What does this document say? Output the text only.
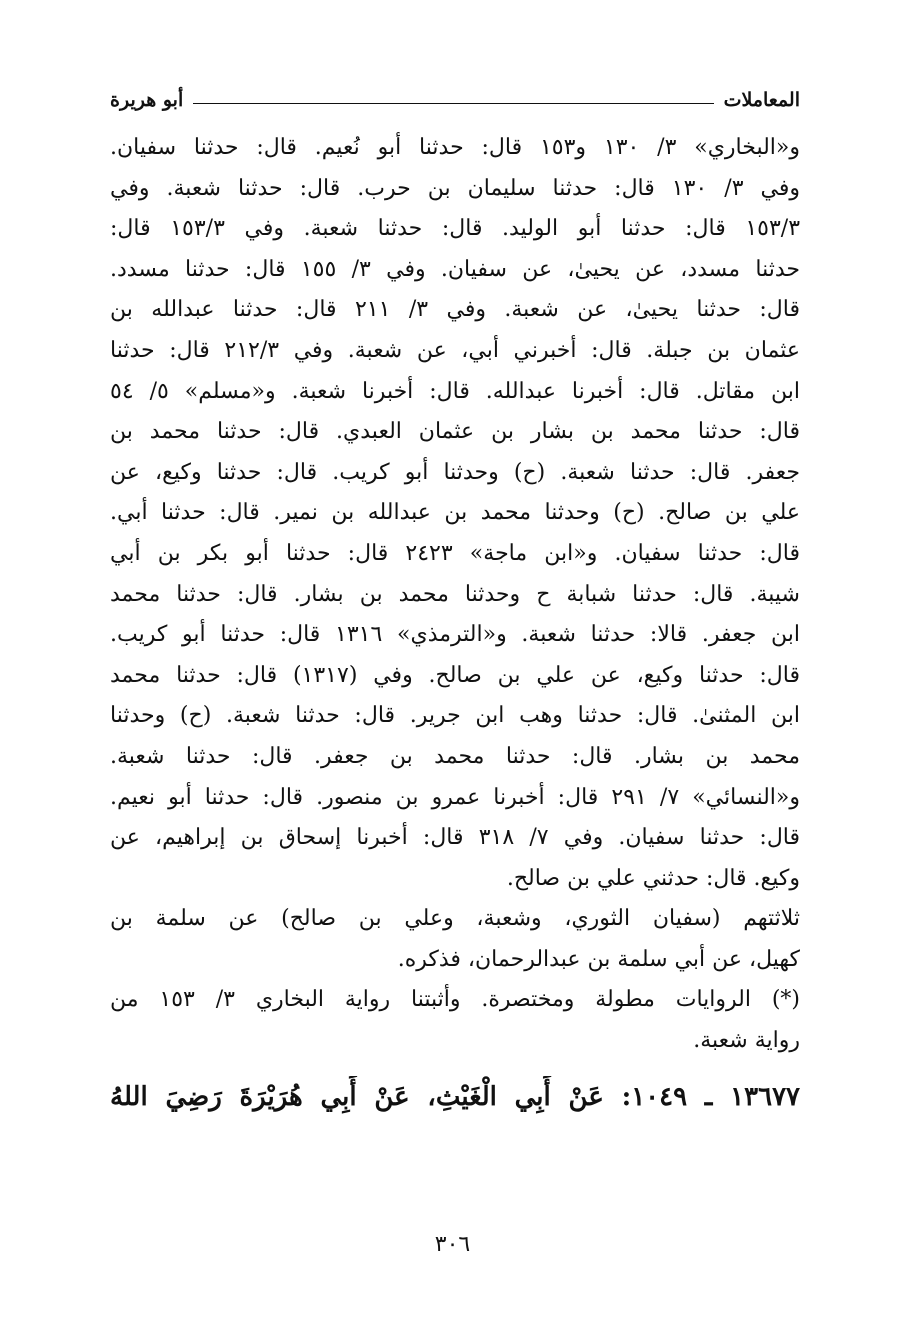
المعاملات
أبو هريرة
و«البخاري» ٣/ ١٣٠ و١٥٣ قال: حدثنا أبو نُعيم. قال: حدثنا سفيان.
وفي ٣/ ١٣٠ قال: حدثنا سليمان بن حرب. قال: حدثنا شعبة. وفي
١٥٣/٣ قال: حدثنا أبو الوليد. قال: حدثنا شعبة. وفي ١٥٣/٣ قال:
حدثنا مسدد، عن يحيىٰ، عن سفيان. وفي ٣/ ١٥٥ قال: حدثنا مسدد.
قال: حدثنا يحيىٰ، عن شعبة. وفي ٣/ ٢١١ قال: حدثنا عبدالله بن
عثمان بن جبلة. قال: أخبرني أبي، عن شعبة. وفي ٢١٢/٣ قال: حدثنا
ابن مقاتل. قال: أخبرنا عبدالله. قال: أخبرنا شعبة. و«مسلم» ٥/ ٥٤
قال: حدثنا محمد بن بشار بن عثمان العبدي. قال: حدثنا محمد بن
جعفر. قال: حدثنا شعبة. (ح) وحدثنا أبو كريب. قال: حدثنا وكيع، عن
علي بن صالح. (ح) وحدثنا محمد بن عبدالله بن نمير. قال: حدثنا أبي.
قال: حدثنا سفيان. و«ابن ماجة» ٢٤٢٣ قال: حدثنا أبو بكر بن أبي
شيبة. قال: حدثنا شبابة ح وحدثنا محمد بن بشار. قال: حدثنا محمد
ابن جعفر. قالا: حدثنا شعبة. و«الترمذي» ١٣١٦ قال: حدثنا أبو كريب.
قال: حدثنا وكيع، عن علي بن صالح. وفي (١٣١٧) قال: حدثنا محمد
ابن المثنىٰ. قال: حدثنا وهب ابن جرير. قال: حدثنا شعبة. (ح) وحدثنا
محمد بن بشار. قال: حدثنا محمد بن جعفر. قال: حدثنا شعبة.
و«النسائي» ٧/ ٢٩١ قال: أخبرنا عمرو بن منصور. قال: حدثنا أبو نعيم.
قال: حدثنا سفيان. وفي ٧/ ٣١٨ قال: أخبرنا إسحاق بن إبراهيم، عن
وكيع. قال: حدثني علي بن صالح.
ثلاثتهم (سفيان الثوري، وشعبة، وعلي بن صالح) عن سلمة بن
كهيل، عن أبي سلمة بن عبدالرحمان، فذكره.
(*) الروايات مطولة ومختصرة. وأثبتنا رواية البخاري ٣/ ١٥٣ من
رواية شعبة.
١٣٦٧٧ ـ ١٠٤٩: عَنْ أَبِي الْغَيْثِ، عَنْ أَبِي هُرَيْرَةَ رَضِيَ اللهُ
٣٠٦
